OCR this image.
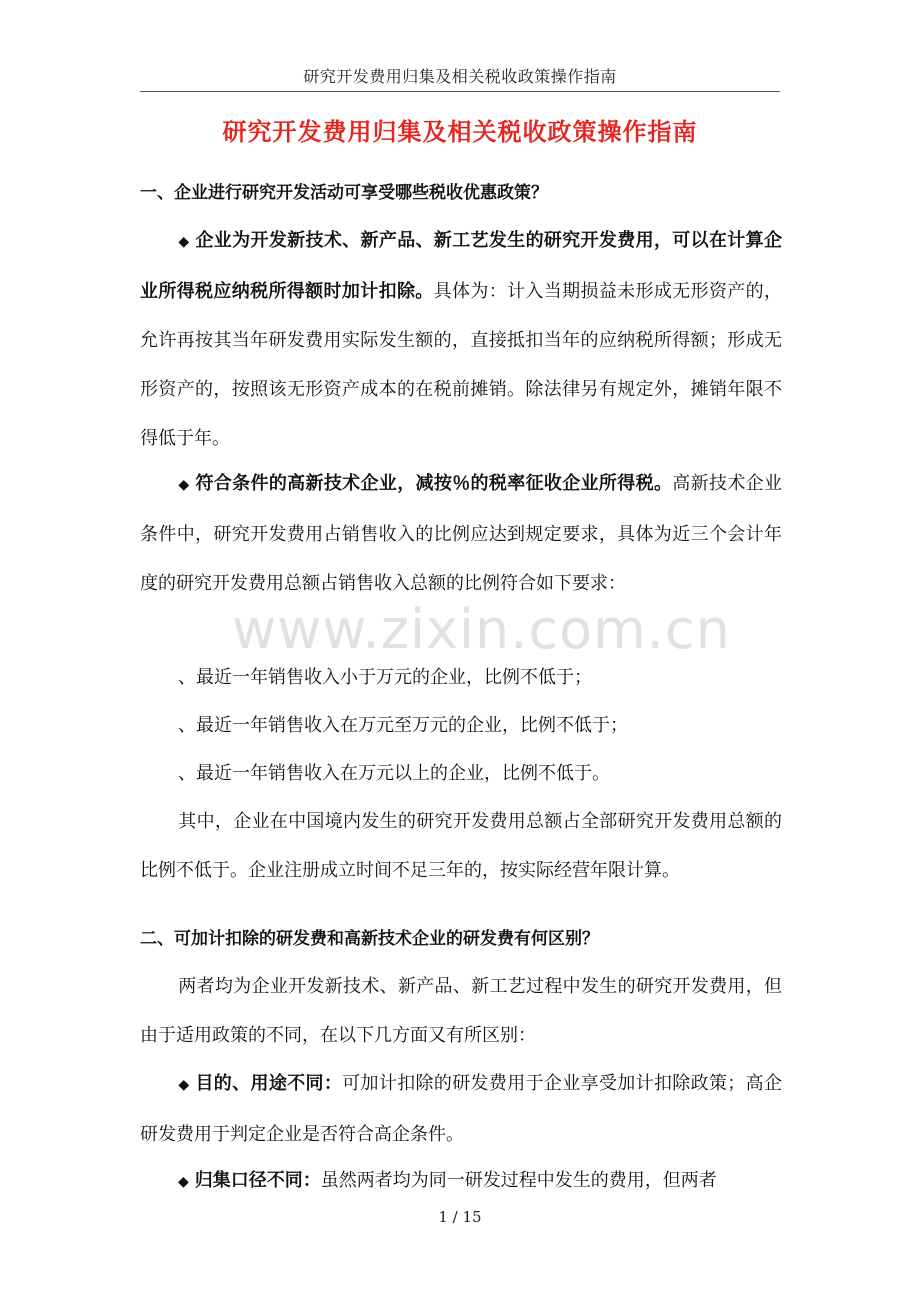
研究开发费用归集及相关税收政策操作指南
研究开发费用归集及相关税收政策操作指南
一、企业进行研究开发活动可享受哪些税收优惠政策？
◆ 企业为开发新技术、新产品、新工艺发生的研究开发费用，可以在计算企业所得税应纳税所得额时加计扣除。具体为：计入当期损益未形成无形资产的，允许再按其当年研发费用实际发生额的，直接抵扣当年的应纳税所得额；形成无形资产的，按照该无形资产成本的在税前摊销。除法律另有规定外，摊销年限不得低于年。
◆ 符合条件的高新技术企业，减按％的税率征收企业所得税。高新技术企业条件中，研究开发费用占销售收入的比例应达到规定要求，具体为近三个会计年度的研究开发费用总额占销售收入总额的比例符合如下要求：
、最近一年销售收入小于万元的企业，比例不低于；
、最近一年销售收入在万元至万元的企业，比例不低于；
、最近一年销售收入在万元以上的企业，比例不低于。
其中，企业在中国境内发生的研究开发费用总额占全部研究开发费用总额的比例不低于。企业注册成立时间不足三年的，按实际经营年限计算。
二、可加计扣除的研发费和高新技术企业的研发费有何区别？
两者均为企业开发新技术、新产品、新工艺过程中发生的研究开发费用，但由于适用政策的不同，在以下几方面又有所区别：
◆ 目的、用途不同：可加计扣除的研发费用于企业享受加计扣除政策；高企研发费用于判定企业是否符合高企条件。
◆ 归集口径不同：虽然两者均为同一研发过程中发生的费用，但两者
www.zixin.com.cn
1 / 15
